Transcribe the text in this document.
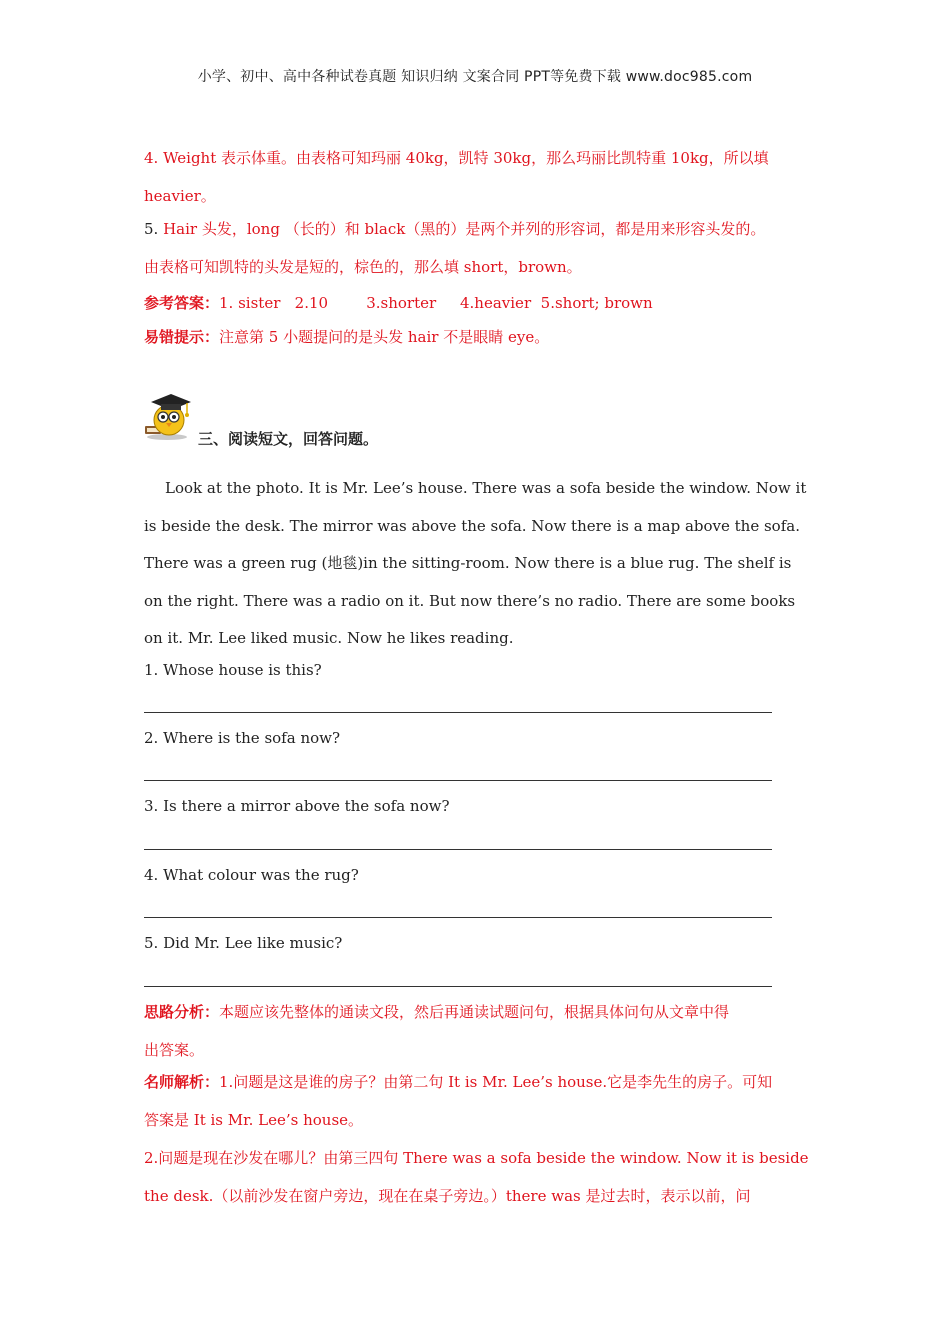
小学、初中、高中各种试卷真题 知识归纳 文案合同 PPT等免费下载 www.doc985.com
4. Weight 表示体重。由表格可知玛丽 40kg，凯特 30kg，那么玛丽比凯特重 10kg，所以填
heavier。
5. Hair 头发，long （长的）和 black（黑的）是两个并列的形容词，都是用来形容头发的。
由表格可知凯特的头发是短的，棕色的，那么填 short，brown。
参考答案：1. sister   2.10        3.shorter     4.heavier  5.short; brown
易错提示：注意第 5 小题提问的是头发 hair 不是眼睛 eye。
三、阅读短文，回答问题。
Look at the photo. It is Mr. Lee’s house. There was a sofa beside the window. Now it is beside the desk. The mirror was above the sofa. Now there is a map above the sofa. There was a green rug (地毯)in the sitting-room. Now there is a blue rug. The shelf is on the right. There was a radio on it. But now there’s no radio. There are some books on it. Mr. Lee liked music. Now he likes reading.
1. Whose house is this?
2. Where is the sofa now?
3. Is there a mirror above the sofa now?
4. What colour was the rug?
5. Did Mr. Lee like music?
思路分析：本题应该先整体的通读文段，然后再通读试题问句，根据具体问句从文章中得
出答案。
名师解析：1.问题是这是谁的房子？由第二句 It is Mr. Lee’s house.它是李先生的房子。可知
答案是 It is Mr. Lee’s house。
2.问题是现在沙发在哪儿？由第三四句 There was a sofa beside the window. Now it is beside
the desk.（以前沙发在窗户旁边，现在在桌子旁边。）there was 是过去时，表示以前，问
